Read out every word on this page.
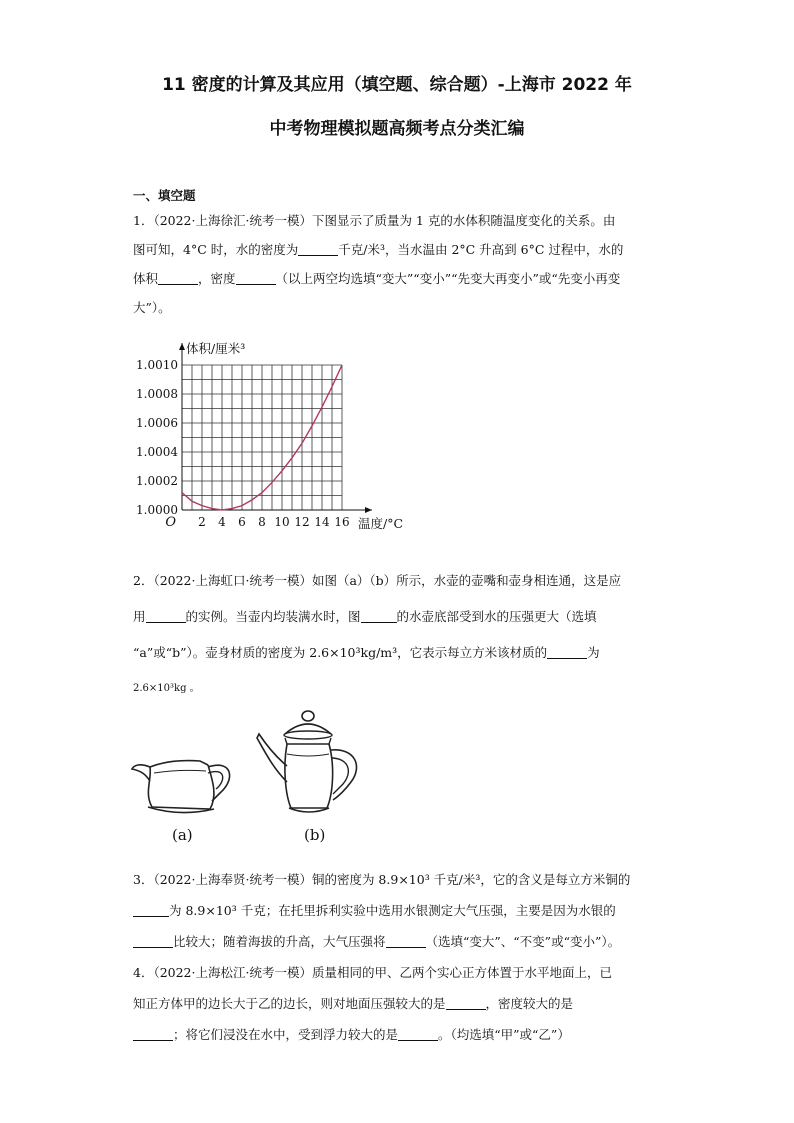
11 密度的计算及其应用（填空题、综合题）-上海市 2022 年
中考物理模拟题高频考点分类汇编
一、填空题

1．（2022·上海徐汇·统考一模）下图显示了质量为 1 克的水体积随温度变化的关系。由

图可知，4°C 时，水的密度为	千克/米³，当水温由 2°C 升高到 6°C 过程中，水的

体积	，密度	（以上两空均选填“变大”“变小”“先变大再变小”或“先变小再变

大”）。

1.0000
1.0002
1.0004
1.0006
1.0008
1.0010
2 4 6 8 10 12 14 16
O
体积/厘米³
温度/°C

2．（2022·上海虹口·统考一模）如图（a）（b）所示，水壶的壶嘴和壶身相连通，这是应

用	的实例。当壶内均装满水时，图	的水壶底部受到水的压强更大（选填

“a”或“b”）。壶身材质的密度为 2.6×10³kg/m³，它表示每立方米该材质的	为

2.6×10³kg 。

(a)	(b)

3．（2022·上海奉贤·统考一模）铜的密度为 8.9×10³ 千克/米³，它的含义是每立方米铜的

为 8.9×10³ 千克；在托里拆利实验中选用水银测定大气压强，主要是因为水银的

比较大；随着海拔的升高，大气压强将	（选填“变大”、“不变”或“变小”）。

4．（2022·上海松江·统考一模）质量相同的甲、乙两个实心正方体置于水平地面上，已

知正方体甲的边长大于乙的边长，则对地面压强较大的是	，密度较大的是

；将它们浸没在水中，受到浮力较大的是	。（均选填“甲”或“乙”）
